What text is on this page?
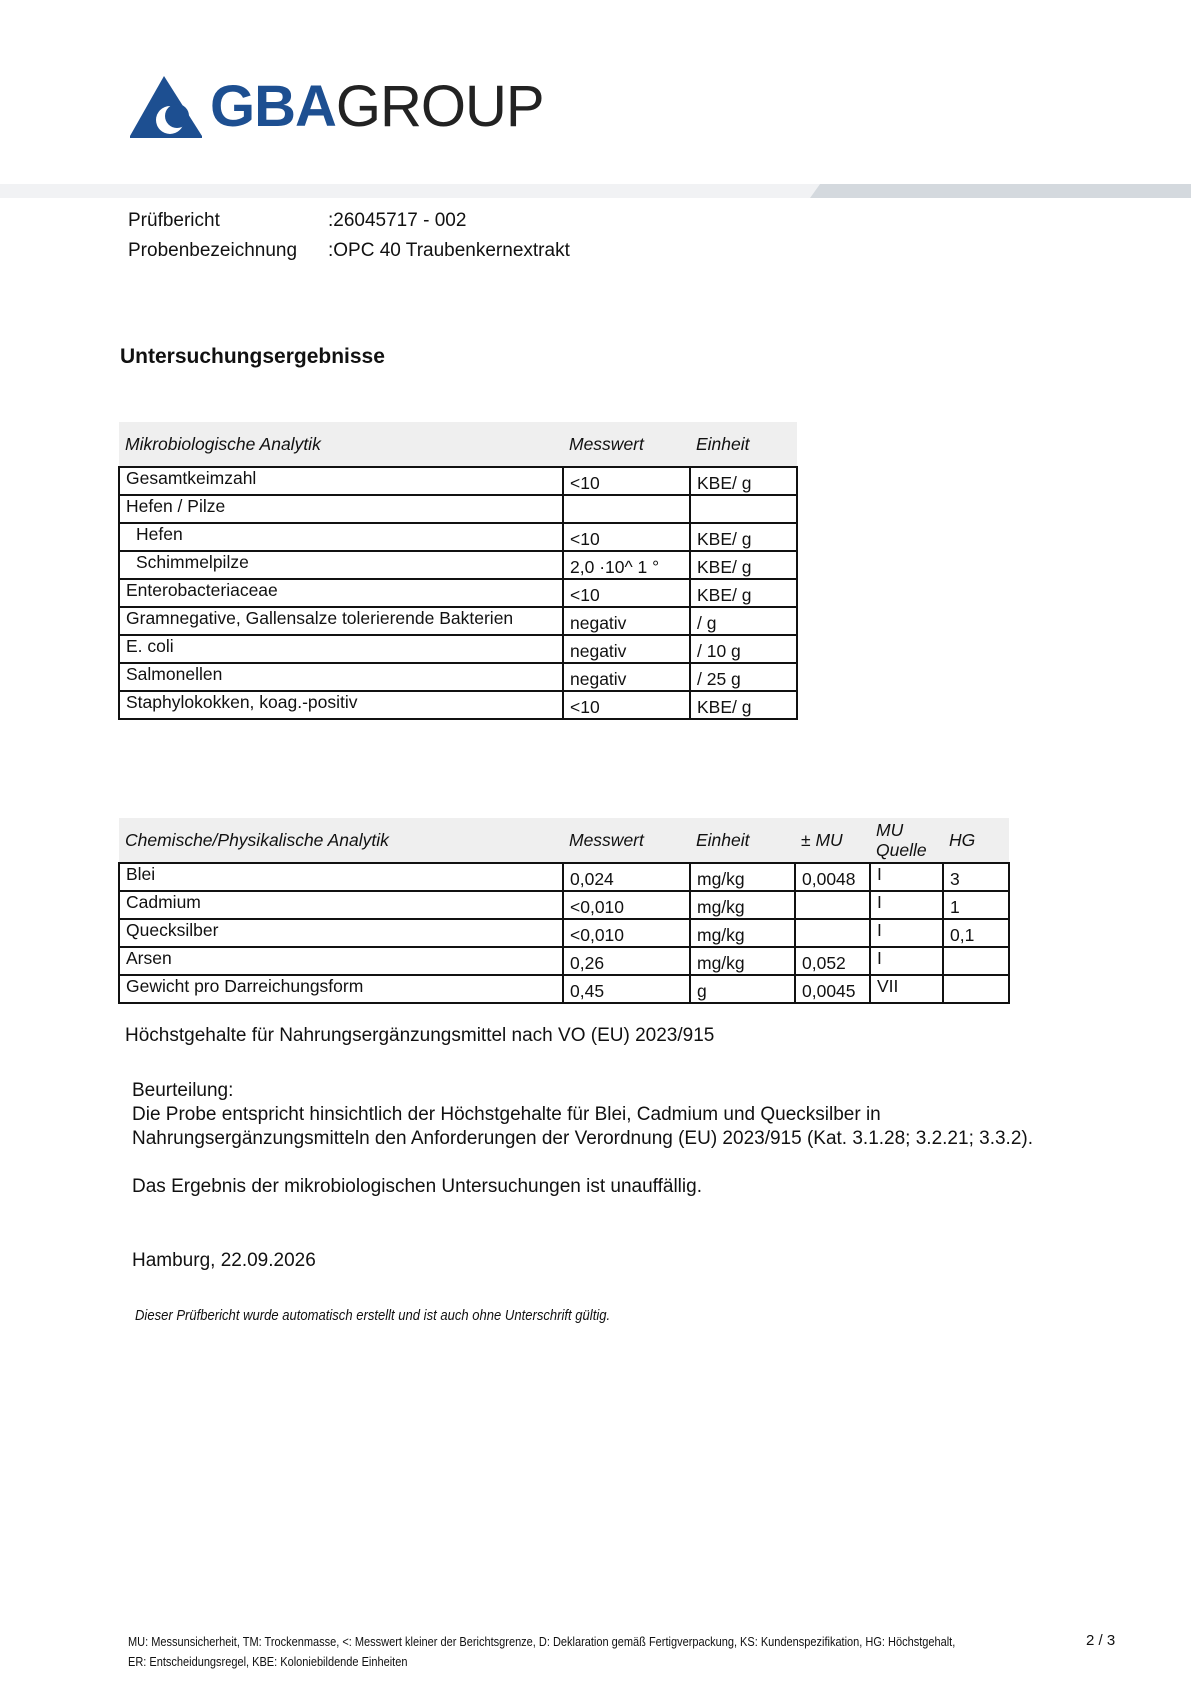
GBAGROUP
Prüfbericht	:26045717 - 002
Probenbezeichnung	:OPC 40 Traubenkernextrakt
Untersuchungsergebnisse
Mikrobiologische Analytik	Messwert	Einheit
Gesamtkeimzahl	<10	KBE/ g
Hefen / Pilze		
Hefen	<10	KBE/ g
Schimmelpilze	2,0 ·10^ 1 °	KBE/ g
Enterobacteriaceae	<10	KBE/ g
Gramnegative, Gallensalze tolerierende Bakterien	negativ	/ g
E. coli	negativ	/ 10 g
Salmonellen	negativ	/ 25 g
Staphylokokken, koag.-positiv	<10	KBE/ g
Chemische/Physikalische Analytik	Messwert	Einheit	± MU	MU Quelle	HG
Blei	0,024	mg/kg	0,0048	I	3
Cadmium	<0,010	mg/kg		I	1
Quecksilber	<0,010	mg/kg		I	0,1
Arsen	0,26	mg/kg	0,052	I	
Gewicht pro Darreichungsform	0,45	g	0,0045	VII	
Höchstgehalte für Nahrungsergänzungsmittel nach VO (EU) 2023/915
Beurteilung:
Die Probe entspricht hinsichtlich der Höchstgehalte für Blei, Cadmium und Quecksilber in
Nahrungsergänzungsmitteln den Anforderungen der Verordnung (EU) 2023/915 (Kat. 3.1.28; 3.2.21; 3.3.2).
Das Ergebnis der mikrobiologischen Untersuchungen ist unauffällig.
Hamburg, 22.09.2026
Dieser Prüfbericht wurde automatisch erstellt und ist auch ohne Unterschrift gültig.
MU: Messunsicherheit, TM: Trockenmasse, <: Messwert kleiner der Berichtsgrenze, D: Deklaration gemäß Fertigverpackung, KS: Kundenspezifikation, HG: Höchstgehalt,
ER: Entscheidungsregel, KBE: Koloniebildende Einheiten
2 / 3
